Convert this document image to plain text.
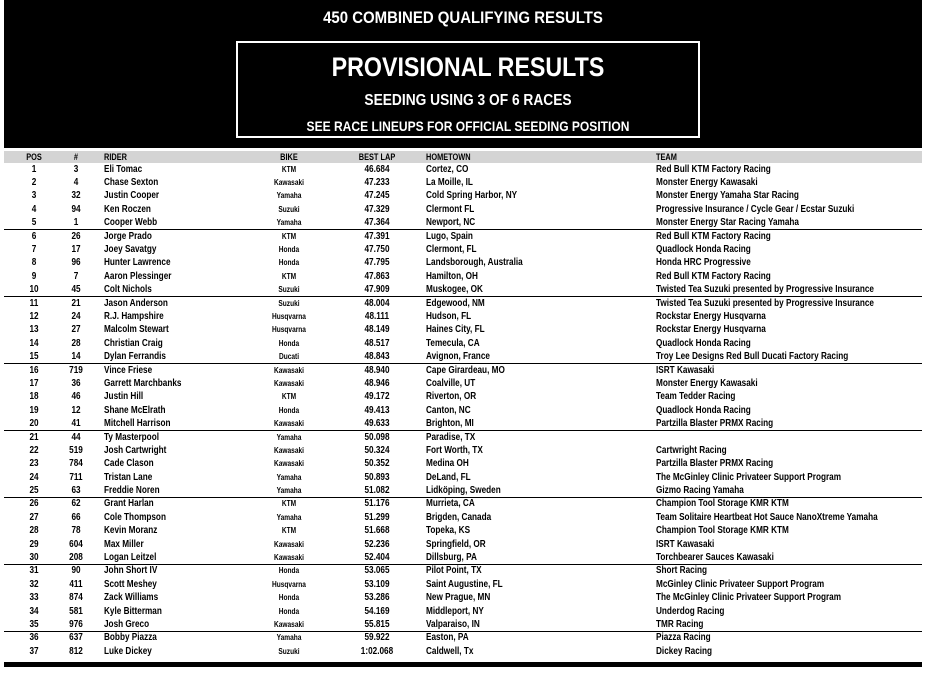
450 COMBINED QUALIFYING RESULTS
PROVISIONAL RESULTS
SEEDING USING 3 OF 6 RACES
SEE RACE LINEUPS FOR OFFICIAL SEEDING POSITION
POS	#	RIDER	BIKE	BEST LAP	HOMETOWN	TEAM
1	3	Eli Tomac	KTM	46.684	Cortez, CO	Red Bull KTM Factory Racing
2	4	Chase Sexton	Kawasaki	47.233	La Moille, IL	Monster Energy Kawasaki
3	32	Justin Cooper	Yamaha	47.245	Cold Spring Harbor, NY	Monster Energy Yamaha Star Racing
4	94	Ken Roczen	Suzuki	47.329	Clermont FL	Progressive Insurance / Cycle Gear / Ecstar Suzuki
5	1	Cooper Webb	Yamaha	47.364	Newport, NC	Monster Energy Star Racing Yamaha
6	26	Jorge Prado	KTM	47.391	Lugo, Spain	Red Bull KTM Factory Racing
7	17	Joey Savatgy	Honda	47.750	Clermont, FL	Quadlock Honda Racing
8	96	Hunter Lawrence	Honda	47.795	Landsborough, Australia	Honda HRC Progressive
9	7	Aaron Plessinger	KTM	47.863	Hamilton, OH	Red Bull KTM Factory Racing
10	45	Colt Nichols	Suzuki	47.909	Muskogee, OK	Twisted Tea Suzuki presented by Progressive Insurance
11	21	Jason Anderson	Suzuki	48.004	Edgewood, NM	Twisted Tea Suzuki presented by Progressive Insurance
12	24	R.J. Hampshire	Husqvarna	48.111	Hudson, FL	Rockstar Energy Husqvarna
13	27	Malcolm Stewart	Husqvarna	48.149	Haines City, FL	Rockstar Energy Husqvarna
14	28	Christian Craig	Honda	48.517	Temecula, CA	Quadlock Honda Racing
15	14	Dylan Ferrandis	Ducati	48.843	Avignon, France	Troy Lee Designs Red Bull Ducati Factory Racing
16	719	Vince Friese	Kawasaki	48.940	Cape Girardeau, MO	ISRT Kawasaki
17	36	Garrett Marchbanks	Kawasaki	48.946	Coalville, UT	Monster Energy Kawasaki
18	46	Justin Hill	KTM	49.172	Riverton, OR	Team Tedder Racing
19	12	Shane McElrath	Honda	49.413	Canton, NC	Quadlock Honda Racing
20	41	Mitchell Harrison	Kawasaki	49.633	Brighton, MI	Partzilla Blaster PRMX Racing
21	44	Ty Masterpool	Yamaha	50.098	Paradise, TX
22	519	Josh Cartwright	Kawasaki	50.324	Fort Worth, TX	Cartwright Racing
23	784	Cade Clason	Kawasaki	50.352	Medina OH	Partzilla Blaster PRMX Racing
24	711	Tristan Lane	Yamaha	50.893	DeLand, FL	The McGinley Clinic Privateer Support Program
25	63	Freddie Noren	Yamaha	51.082	Lidköping, Sweden	Gizmo Racing Yamaha
26	62	Grant Harlan	KTM	51.176	Murrieta, CA	Champion Tool Storage KMR KTM
27	66	Cole Thompson	Yamaha	51.299	Brigden, Canada	Team Solitaire Heartbeat Hot Sauce NanoXtreme Yamaha
28	78	Kevin Moranz	KTM	51.668	Topeka, KS	Champion Tool Storage KMR KTM
29	604	Max Miller	Kawasaki	52.236	Springfield, OR	ISRT Kawasaki
30	208	Logan Leitzel	Kawasaki	52.404	Dillsburg, PA	Torchbearer Sauces Kawasaki
31	90	John Short IV	Honda	53.065	Pilot Point, TX	Short Racing
32	411	Scott Meshey	Husqvarna	53.109	Saint Augustine, FL	McGinley Clinic Privateer Support Program
33	874	Zack Williams	Honda	53.286	New Prague, MN	The McGinley Clinic Privateer Support Program
34	581	Kyle Bitterman	Honda	54.169	Middleport, NY	Underdog Racing
35	976	Josh Greco	Kawasaki	55.815	Valparaiso, IN	TMR Racing
36	637	Bobby Piazza	Yamaha	59.922	Easton, PA	Piazza Racing
37	812	Luke Dickey	Suzuki	1:02.068	Caldwell, Tx	Dickey Racing
